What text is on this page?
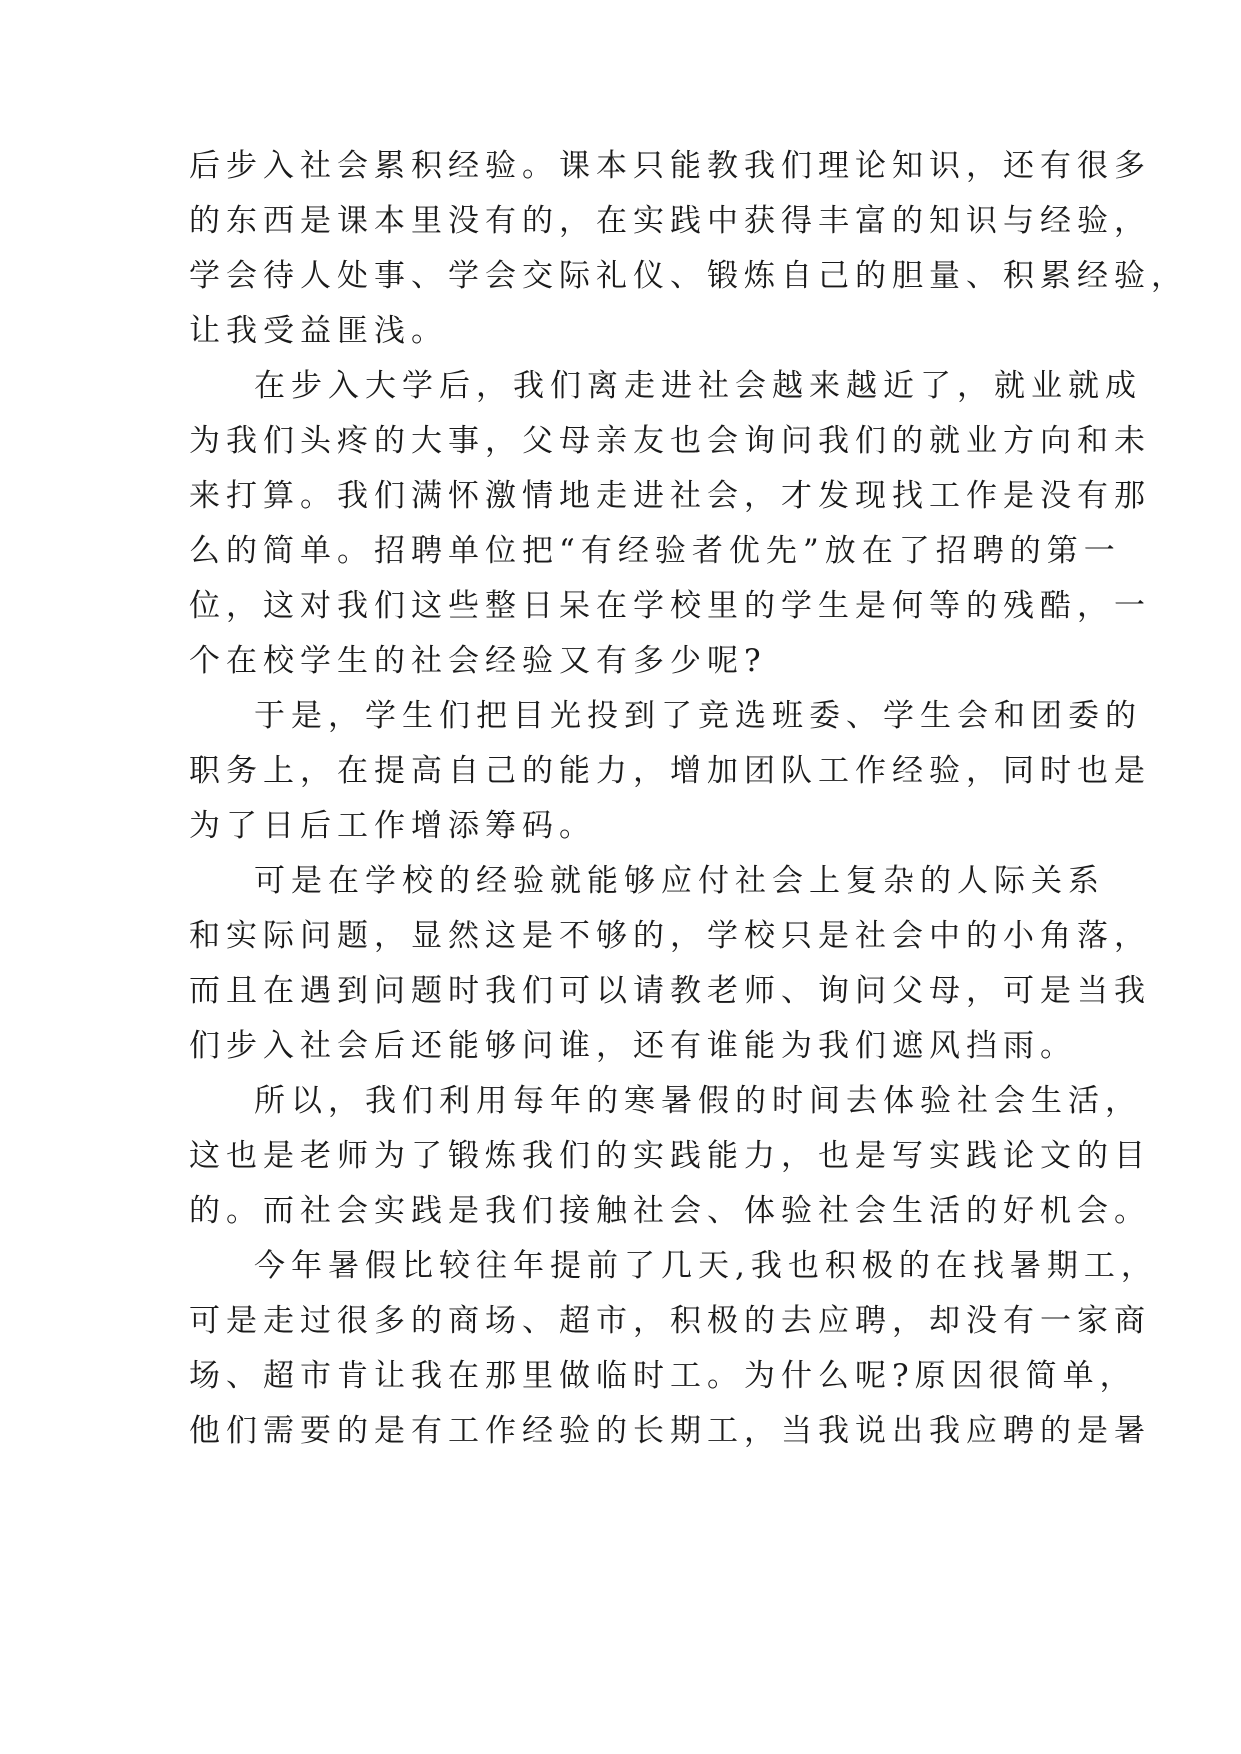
后步入社会累积经验。课本只能教我们理论知识，还有很多
的东西是课本里没有的，在实践中获得丰富的知识与经验，
学会待人处事、学会交际礼仪、锻炼自己的胆量、积累经验，
让我受益匪浅。
在步入大学后，我们离走进社会越来越近了，就业就成
为我们头疼的大事，父母亲友也会询问我们的就业方向和未
来打算。我们满怀激情地走进社会，才发现找工作是没有那
么的简单。招聘单位把“有经验者优先”放在了招聘的第一
位，这对我们这些整日呆在学校里的学生是何等的残酷，一
个在校学生的社会经验又有多少呢?
于是，学生们把目光投到了竞选班委、学生会和团委的
职务上，在提高自己的能力，增加团队工作经验，同时也是
为了日后工作增添筹码。
可是在学校的经验就能够应付社会上复杂的人际关系
和实际问题，显然这是不够的，学校只是社会中的小角落，
而且在遇到问题时我们可以请教老师、询问父母，可是当我
们步入社会后还能够问谁，还有谁能为我们遮风挡雨。
所以，我们利用每年的寒暑假的时间去体验社会生活，
这也是老师为了锻炼我们的实践能力，也是写实践论文的目
的。而社会实践是我们接触社会、体验社会生活的好机会。
今年暑假比较往年提前了几天,我也积极的在找暑期工，
可是走过很多的商场、超市，积极的去应聘，却没有一家商
场、超市肯让我在那里做临时工。为什么呢?原因很简单，
他们需要的是有工作经验的长期工，当我说出我应聘的是暑
